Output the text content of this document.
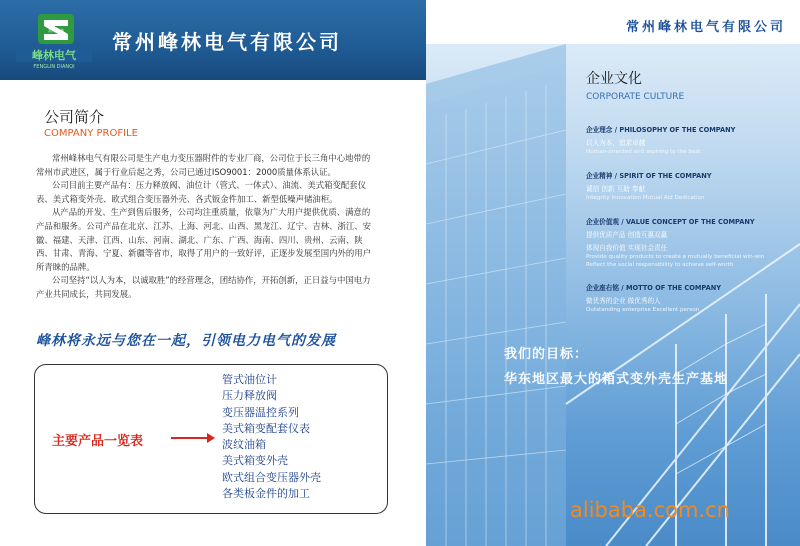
峰林电气
FENGLIN DIANQI
常州峰林 常州峰林电气有限公司
公司简介
COMPANY PROFILE

常州峰林电气有限公司是生产电力变压器附件的专业厂商，公司位于长三角中心地带的常州市武进区，属于行业后起之秀，公司已通过ISO9001：2000质量体系认证。

公司目前主要产品有：压力释放阀、油位计（管式、一体式）、油流、美式箱变配套仪表、美式箱变外壳、欧式组合变压器外壳、各式钣金件加工、新型低噪声储油柜。

从产品的开发、生产到售后服务，公司均注重质量，依靠为广大用户提供优质、满意的产品和服务。公司产品在北京、江苏、上海、河北、山西、黑龙江、辽宁、吉林、浙江、安徽、福建、天津、江西、山东、河南、湖北、广东、广西、海南、四川、贵州、云南、陕西、甘肃、青海、宁夏、新疆等省市，取得了用户的一致好评，正逐步发展至国内外的用户所青睐的品牌。

公司坚持“以人为本，以诚取胜”的经营理念，团结协作，开拓创新，正日益与中国电力产业共同成长，共同发展。

峰林将永远与您在一起，引领电力电气的发展
主要产品一览表
管式油位计
压力释放阀
变压器温控系列
美式箱变配套仪表
波纹油箱
美式箱变外壳
欧式组合变压器外壳
各类板金件的加工
常州峰林电气有限公司
企业文化
CORPORATE CULTURE
企业理念 / PHILOSOPHY OF THE COMPANY
以人为本，追求卓越
Human-oriented and aspiring to the best
企业精神 / SPIRIT OF THE COMPANY
诚信 创新 互助 奉献
Integrity Innovation Mutual Aid Dedication
企业价值观 / VALUE CONCEPT OF THE COMPANY
提供优质产品 创造互惠双赢
体现自我价值 实现社会责任
Provide quality products to create a mutually beneficial win-win
Reflect the social responsibility to achieve self-worth
企业座右铭 / MOTTO OF THE COMPANY
做优秀的企业 做优秀的人
Outstanding enterprise Excellent person
我们的目标：
华东地区最大的箱式变外壳生产基地
alibaba.com.cn
